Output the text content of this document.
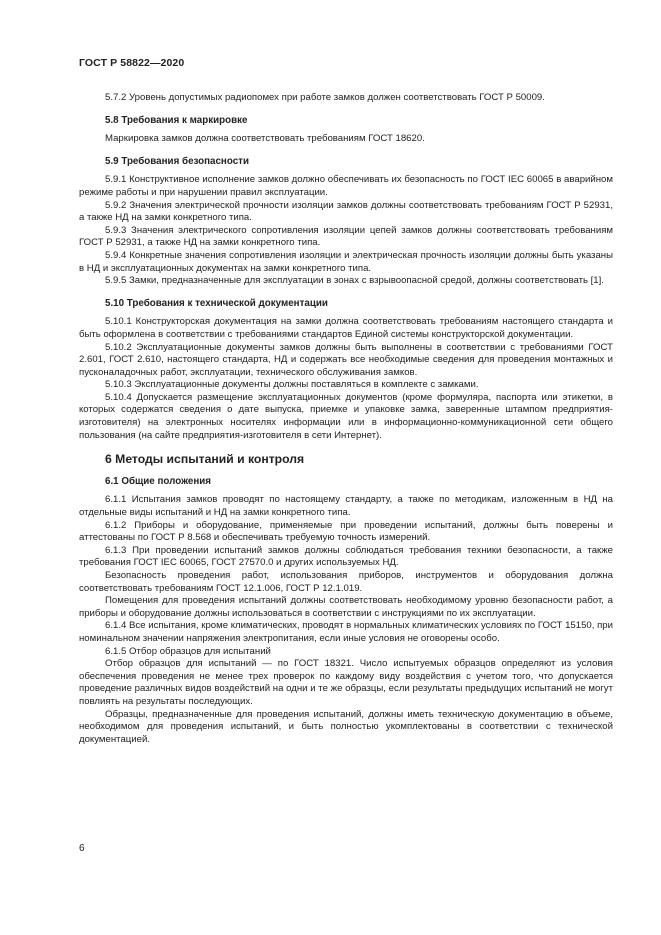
ГОСТ Р 58822—2020
5.7.2 Уровень допустимых радиопомех при работе замков должен соответствовать ГОСТ Р 50009.
5.8 Требования к маркировке
Маркировка замков должна соответствовать требованиям ГОСТ 18620.
5.9 Требования безопасности
5.9.1 Конструктивное исполнение замков должно обеспечивать их безопасность по ГОСТ IEC 60065 в аварийном режиме работы и при нарушении правил эксплуатации.
5.9.2 Значения электрической прочности изоляции замков должны соответствовать требованиям ГОСТ Р 52931, а также НД на замки конкретного типа.
5.9.3 Значения электрического сопротивления изоляции цепей замков должны соответствовать требованиям ГОСТ Р 52931, а также НД на замки конкретного типа.
5.9.4 Конкретные значения сопротивления изоляции и электрическая прочность изоляции должны быть указаны в НД и эксплуатационных документах на замки конкретного типа.
5.9.5 Замки, предназначенные для эксплуатации в зонах с взрывоопасной средой, должны соответствовать [1].
5.10 Требования к технической документации
5.10.1 Конструкторская документация на замки должна соответствовать требованиям настоящего стандарта и быть оформлена в соответствии с требованиями стандартов Единой системы конструкторской документации.
5.10.2 Эксплуатационные документы замков должны быть выполнены в соответствии с требованиями ГОСТ 2.601, ГОСТ 2.610, настоящего стандарта, НД и содержать все необходимые сведения для проведения монтажных и пусконаладочных работ, эксплуатации, технического обслуживания замков.
5.10.3 Эксплуатационные документы должны поставляться в комплекте с замками.
5.10.4 Допускается размещение эксплуатационных документов (кроме формуляра, паспорта или этикетки, в которых содержатся сведения о дате выпуска, приемке и упаковке замка, заверенные штампом предприятия-изготовителя) на электронных носителях информации или в информационно-коммуникационной сети общего пользования (на сайте предприятия-изготовителя в сети Интернет).
6 Методы испытаний и контроля
6.1 Общие положения
6.1.1 Испытания замков проводят по настоящему стандарту, а также по методикам, изложенным в НД на отдельные виды испытаний и НД на замки конкретного типа.
6.1.2 Приборы и оборудование, применяемые при проведении испытаний, должны быть поверены и аттестованы по ГОСТ Р 8.568 и обеспечивать требуемую точность измерений.
6.1.3 При проведении испытаний замков должны соблюдаться требования техники безопасности, а также требования ГОСТ IEC 60065, ГОСТ 27570.0 и других используемых НД.
Безопасность проведения работ, использования приборов, инструментов и оборудования должна соответствовать требованиям ГОСТ 12.1.006, ГОСТ Р 12.1.019.
Помещения для проведения испытаний должны соответствовать необходимому уровню безопасности работ, а приборы и оборудование должны использоваться в соответствии с инструкциями по их эксплуатации.
6.1.4 Все испытания, кроме климатических, проводят в нормальных климатических условиях по ГОСТ 15150, при номинальном значении напряжения электропитания, если иные условия не оговорены особо.
6.1.5 Отбор образцов для испытаний
Отбор образцов для испытаний — по ГОСТ 18321. Число испытуемых образцов определяют из условия обеспечения проведения не менее трех проверок по каждому виду воздействия с учетом того, что допускается проведение различных видов воздействий на одни и те же образцы, если результаты предыдущих испытаний не могут повлиять на результаты последующих.
Образцы, предназначенные для проведения испытаний, должны иметь техническую документацию в объеме, необходимом для проведения испытаний, и быть полностью укомплектованы в соответствии с технической документацией.
6
